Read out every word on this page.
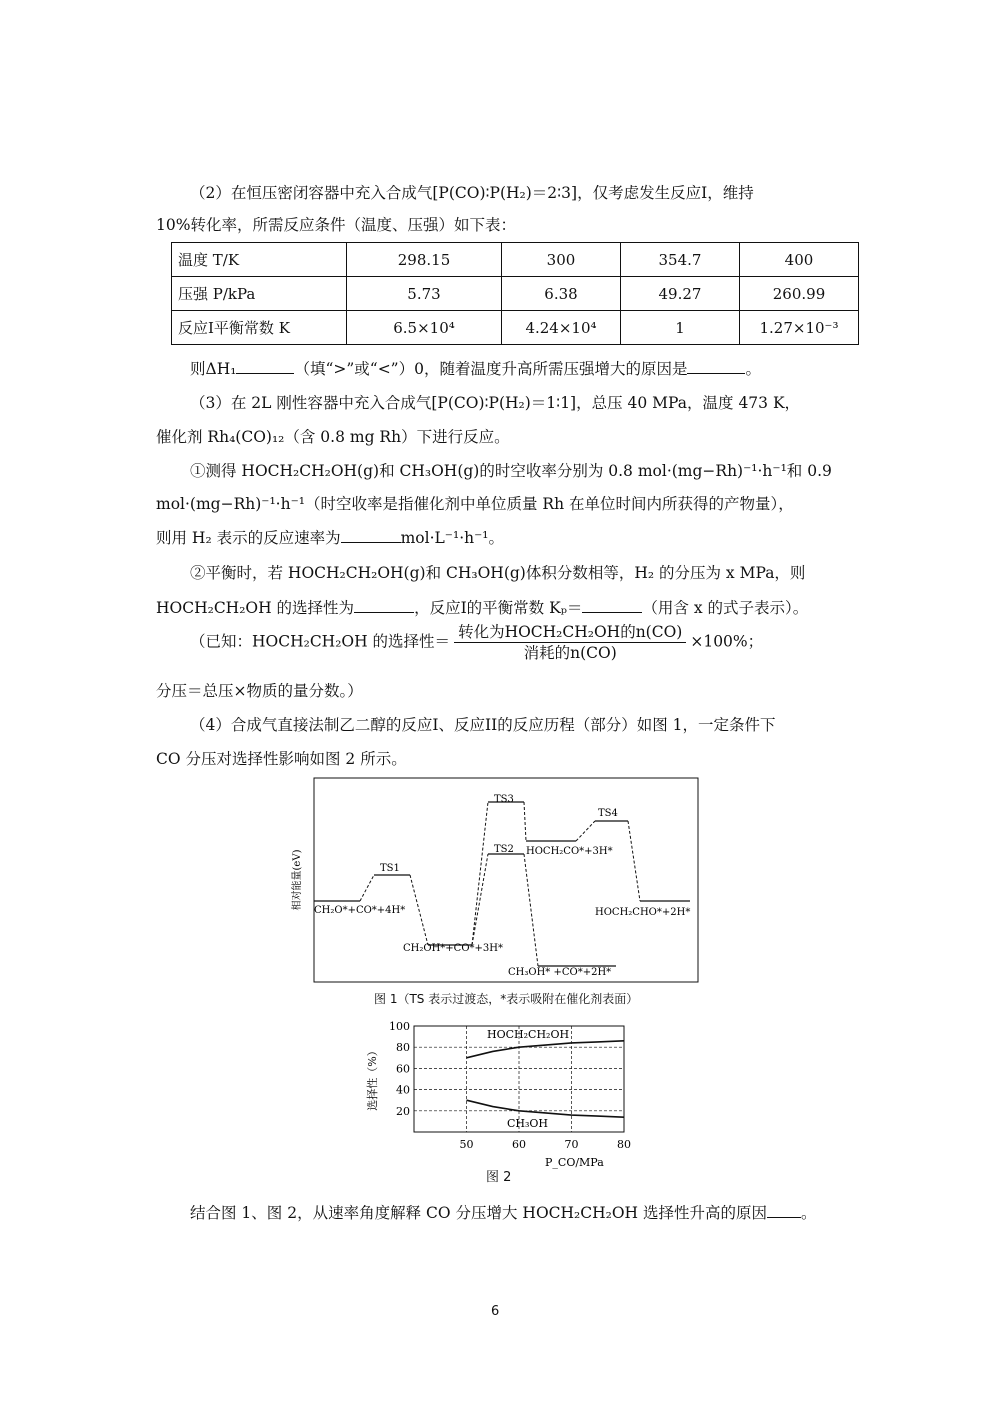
（2）在恒压密闭容器中充入合成气[P(CO)∶P(H₂)＝2∶3]，仅考虑发生反应I，维持
10%转化率，所需反应条件（温度、压强）如下表：
温度 T/K	298.15	300	354.7	400
压强 P/kPa	5.73	6.38	49.27	260.99
反应I平衡常数 K	6.5×10⁴	4.24×10⁴	1	1.27×10⁻³
则ΔH₁	（填“>”或“<”）0，随着温度升高所需压强增大的原因是	。
（3）在 2L 刚性容器中充入合成气[P(CO)∶P(H₂)＝1∶1]，总压 40 MPa，温度 473 K，
催化剂 Rh₄(CO)₁₂（含 0.8 mg Rh）下进行反应。
①测得 HOCH₂CH₂OH(g)和 CH₃OH(g)的时空收率分别为 0.8 mol·(mg−Rh)⁻¹·h⁻¹和 0.9
mol·(mg−Rh)⁻¹·h⁻¹（时空收率是指催化剂中单位质量 Rh 在单位时间内所获得的产物量），
则用 H₂ 表示的反应速率为	mol·L⁻¹·h⁻¹。
②平衡时，若 HOCH₂CH₂OH(g)和 CH₃OH(g)体积分数相等，H₂ 的分压为 x MPa，则
HOCH₂CH₂OH 的选择性为	，反应I的平衡常数 Kₚ＝	（用含 x 的式子表示）。
（已知：HOCH₂CH₂OH 的选择性＝ $\frac{\text{转化为HOCH₂CH₂OH的n(CO)}}{\text{消耗的n(CO)}} \times 100\%$；
分压＝总压×物质的量分数。）
（4）合成气直接法制乙二醇的反应I、反应II的反应历程（部分）如图 1，一定条件下
CO 分压对选择性影响如图 2 所示。
相对能量(eV)
CH₂O*+CO*+4H*
TS1
CH₂OH*+CO*+3H*
TS3
TS2 HOCH₂CO*+3H*
TS4
HOCH₂CHO*+2H*
CH₃OH* +CO*+2H*
图 1（TS 表示过渡态，*表示吸附在催化剂表面）
20
40
60
80
100
50	60	70	80
选择性（%）
P_CO/MPa
HOCH₂CH₂OH
CH₃OH
图 2
结合图 1、图 2，从速率角度解释 CO 分压增大 HOCH₂CH₂OH 选择性升高的原因 。
6
